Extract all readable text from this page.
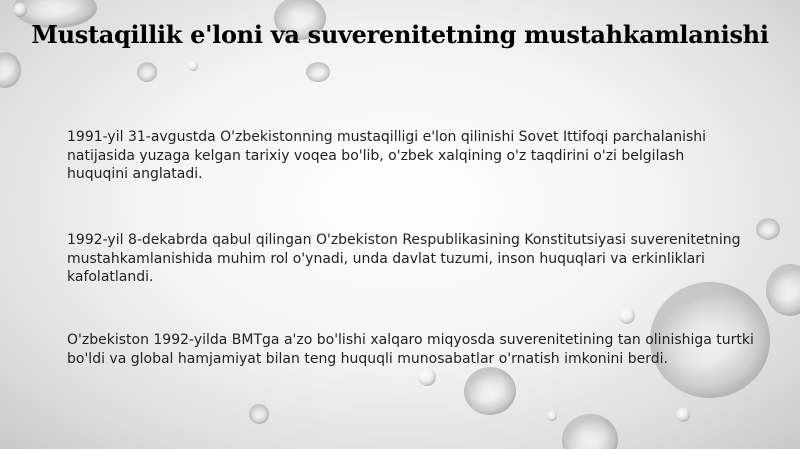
Mustaqillik e'loni va suverenitetning mustahkamlanishi

1991-yil 31-avgustda O'zbekistonning mustaqilligi e'lon qilinishi Sovet Ittifoqi parchalanishi natijasida yuzaga kelgan tarixiy voqea bo'lib, o'zbek xalqining o'z taqdirini o'zi belgilash huquqini anglatadi.

1992-yil 8-dekabrda qabul qilingan O'zbekiston Respublikasining Konstitutsiyasi suverenitetning mustahkamlanishida muhim rol o'ynadi, unda davlat tuzumi, inson huquqlari va erkinliklari kafolatlandi.

O'zbekiston 1992-yilda BMTga a'zo bo'lishi xalqaro miqyosda suverenitetining tan olinishiga turtki bo'ldi va global hamjamiyat bilan teng huquqli munosabatlar o'rnatish imkonini berdi.
